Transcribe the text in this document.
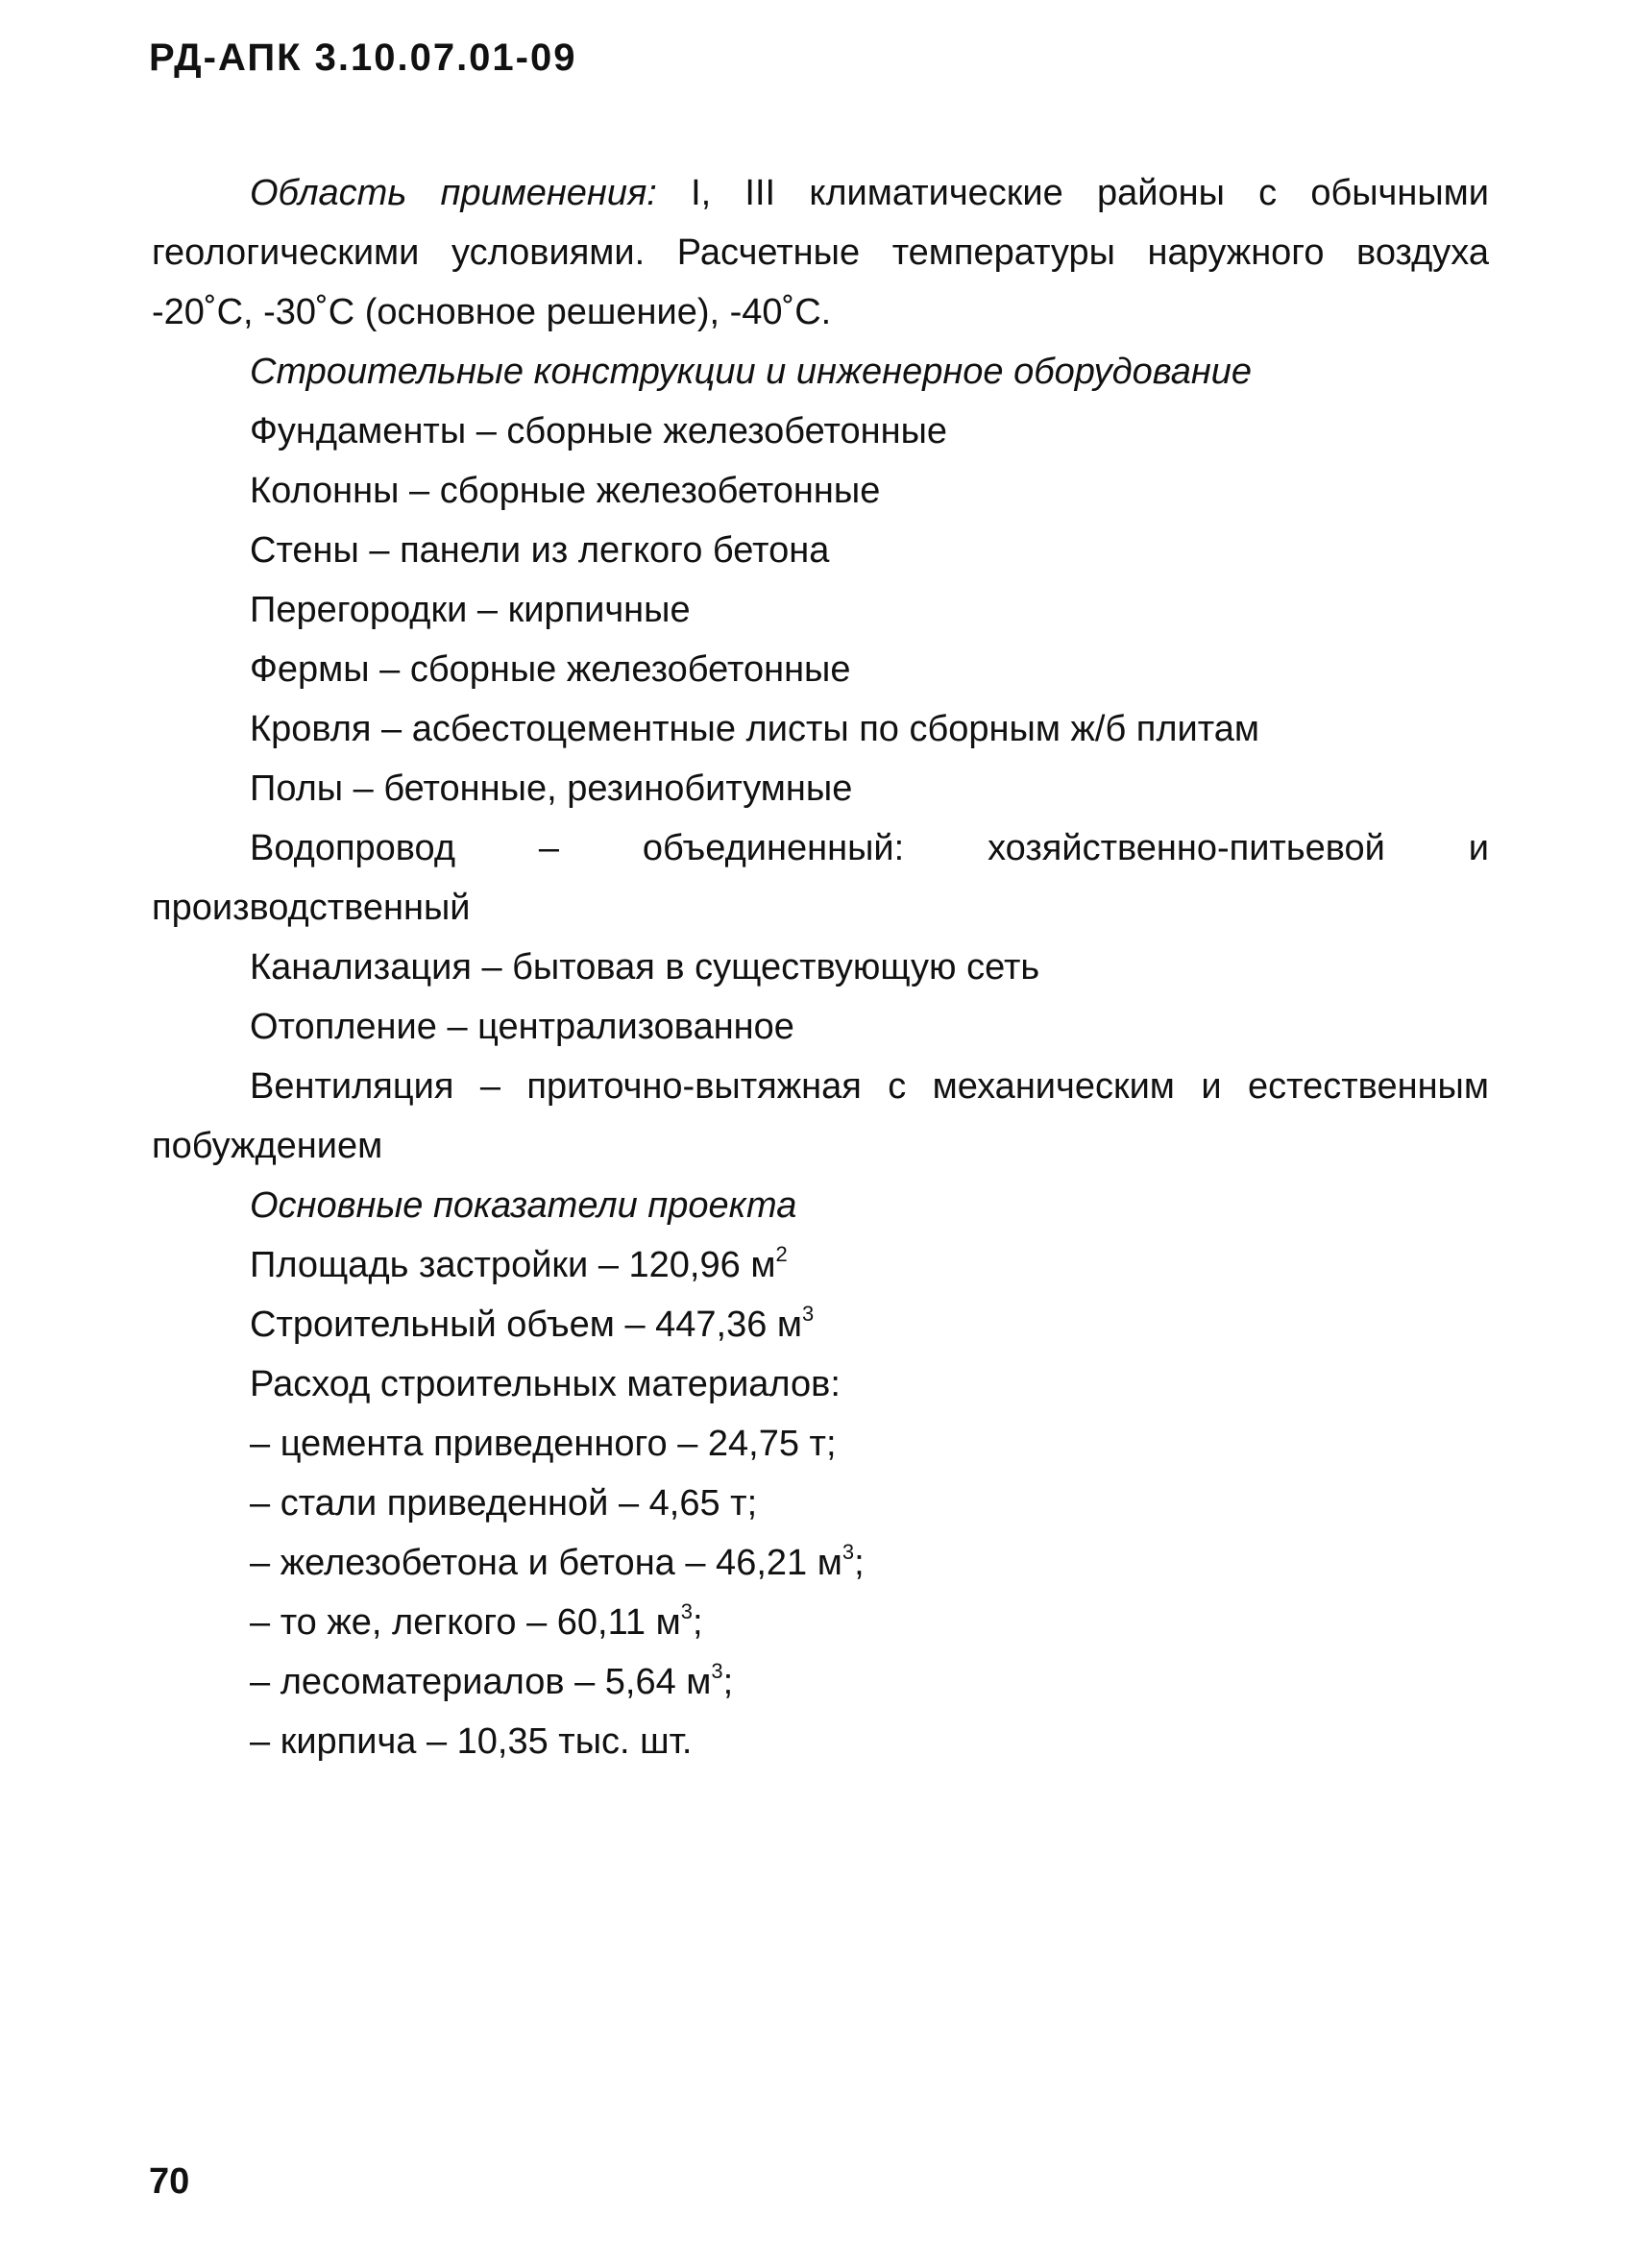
РД-АПК 3.10.07.01-09

Область применения: I, III климатические районы с обычными геологическими условиями. Расчетные температуры наружного воздуха -20˚С, -30˚С (основное решение), -40˚С.

Строительные конструкции и инженерное оборудование

Фундаменты – сборные железобетонные

Колонны – сборные железобетонные

Стены – панели из легкого бетона

Перегородки – кирпичные

Фермы – сборные железобетонные

Кровля – асбестоцементные листы по сборным ж/б плитам

Полы – бетонные, резинобитумные

Водопровод – объединенный: хозяйственно-питьевой и производственный

Канализация – бытовая в существующую сеть

Отопление – централизованное

Вентиляция – приточно-вытяжная с механическим и естественным побуждением

Основные показатели проекта

Площадь застройки – 120,96 $м^2$

Строительный объем – 447,36 $м^3$

Расход строительных материалов:

– цемента приведенного – 24,75 т;

– стали приведенной – 4,65 т;

– железобетона и бетона – 46,21 $м^3$;

– то же, легкого – 60,11 $м^3$;

– лесоматериалов – 5,64 $м^3$;

– кирпича – 10,35 тыс. шт.

70
